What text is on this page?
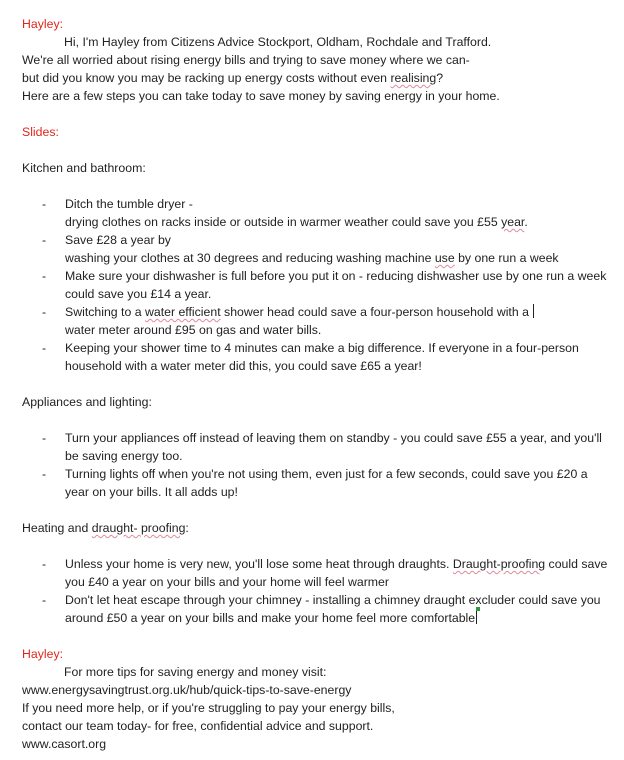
Hayley:

Hi, I'm Hayley from Citizens Advice Stockport, Oldham, Rochdale and Trafford.

We're all worried about rising energy bills and trying to save money where we can-

but did you know you may be racking up energy costs without even realising?

Here are a few steps you can take today to save money by saving energy in your home.

Slides:

Kitchen and bathroom:

- Ditch the tumble dryer -
drying clothes on racks inside or outside in warmer weather could save you £55 year.
- Save £28 a year by
washing your clothes at 30 degrees and reducing washing machine use by one run a week
- Make sure your dishwasher is full before you put it on - reducing dishwasher use by one run a week could save you £14 a year.
- Switching to a water efficient shower head could save a four-person household with a
water meter around £95 on gas and water bills.
- Keeping your shower time to 4 minutes can make a big difference. If everyone in a four-person household with a water meter did this, you could save £65 a year!

Appliances and lighting:

- Turn your appliances off instead of leaving them on standby - you could save £55 a year, and you'll be saving energy too.
- Turning lights off when you're not using them, even just for a few seconds, could save you £20 a year on your bills. It all adds up!

Heating and draught- proofing:

- Unless your home is very new, you'll lose some heat through draughts. Draught-proofing could save you £40 a year on your bills and your home will feel warmer
- Don't let heat escape through your chimney - installing a chimney draught excluder could save you around £50 a year on your bills and make your home feel more comfortable

Hayley:

For more tips for saving energy and money visit:

www.energysavingtrust.org.uk/hub/quick-tips-to-save-energy

If you need more help, or if you're struggling to pay your energy bills,

contact our team today- for free, confidential advice and support.

www.casort.org
